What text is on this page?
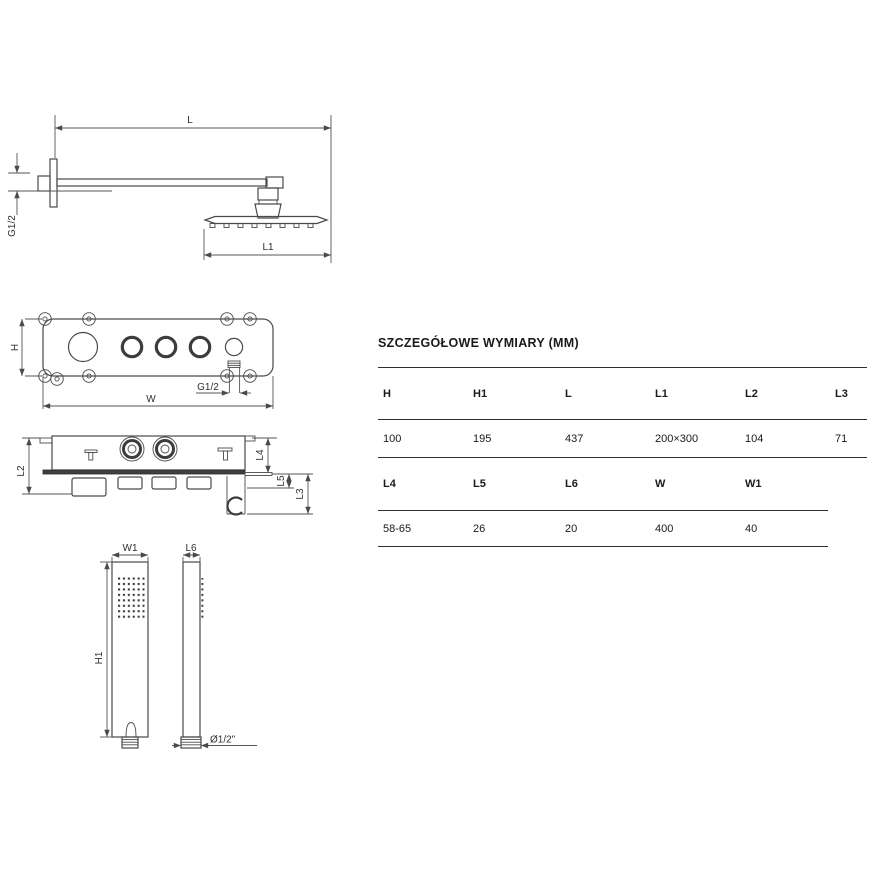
L
G1/2
L1
G1/2
H
W
L2
L4
L5
L3
W1
H1
L6
Ø1/2"
SZCZEGÓŁOWE WYMIARY (MM)
H	H1	L	L1	L2	L3
100	195	437	200×300	104	71
L4	L5	L6	W	W1
58-65	26	20	400	40
